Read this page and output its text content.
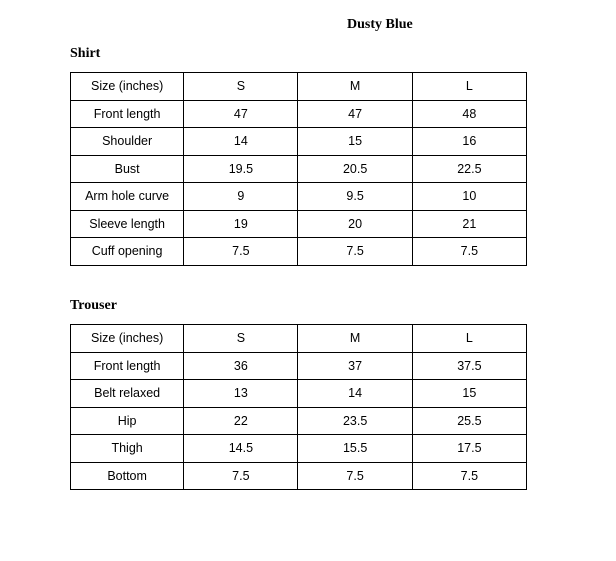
Dusty Blue
Shirt
Size (inches)	S	M	L
Front length	47	47	48
Shoulder	14	15	16
Bust	19.5	20.5	22.5
Arm hole curve	9	9.5	10
Sleeve length	19	20	21
Cuff opening	7.5	7.5	7.5
Trouser
Size (inches)	S	M	L
Front length	36	37	37.5
Belt relaxed	13	14	15
Hip	22	23.5	25.5
Thigh	14.5	15.5	17.5
Bottom	7.5	7.5	7.5
